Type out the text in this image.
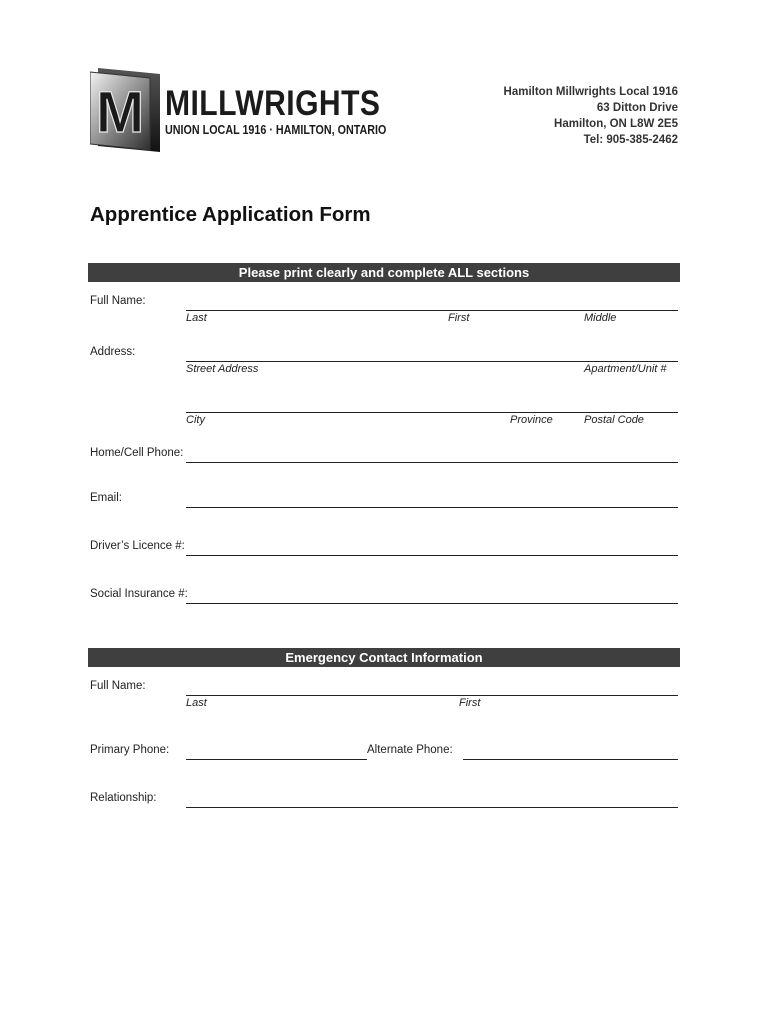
M MILLWRIGHTS
UNION LOCAL 1916 · HAMILTON, ONTARIO
Hamilton Millwrights Local 1916
63 Ditton Drive
Hamilton, ON L8W 2E5
Tel: 905-385-2462
Apprentice Application Form
Please print clearly and complete ALL sections
Full Name:
Last	First	Middle
Address:
Street Address	Apartment/Unit #
City	Province	Postal Code
Home/Cell Phone:
Email:
Driver’s Licence #:
Social Insurance #:
Emergency Contact Information
Full Name:
Last	First
Primary Phone:	Alternate Phone:
Relationship:
